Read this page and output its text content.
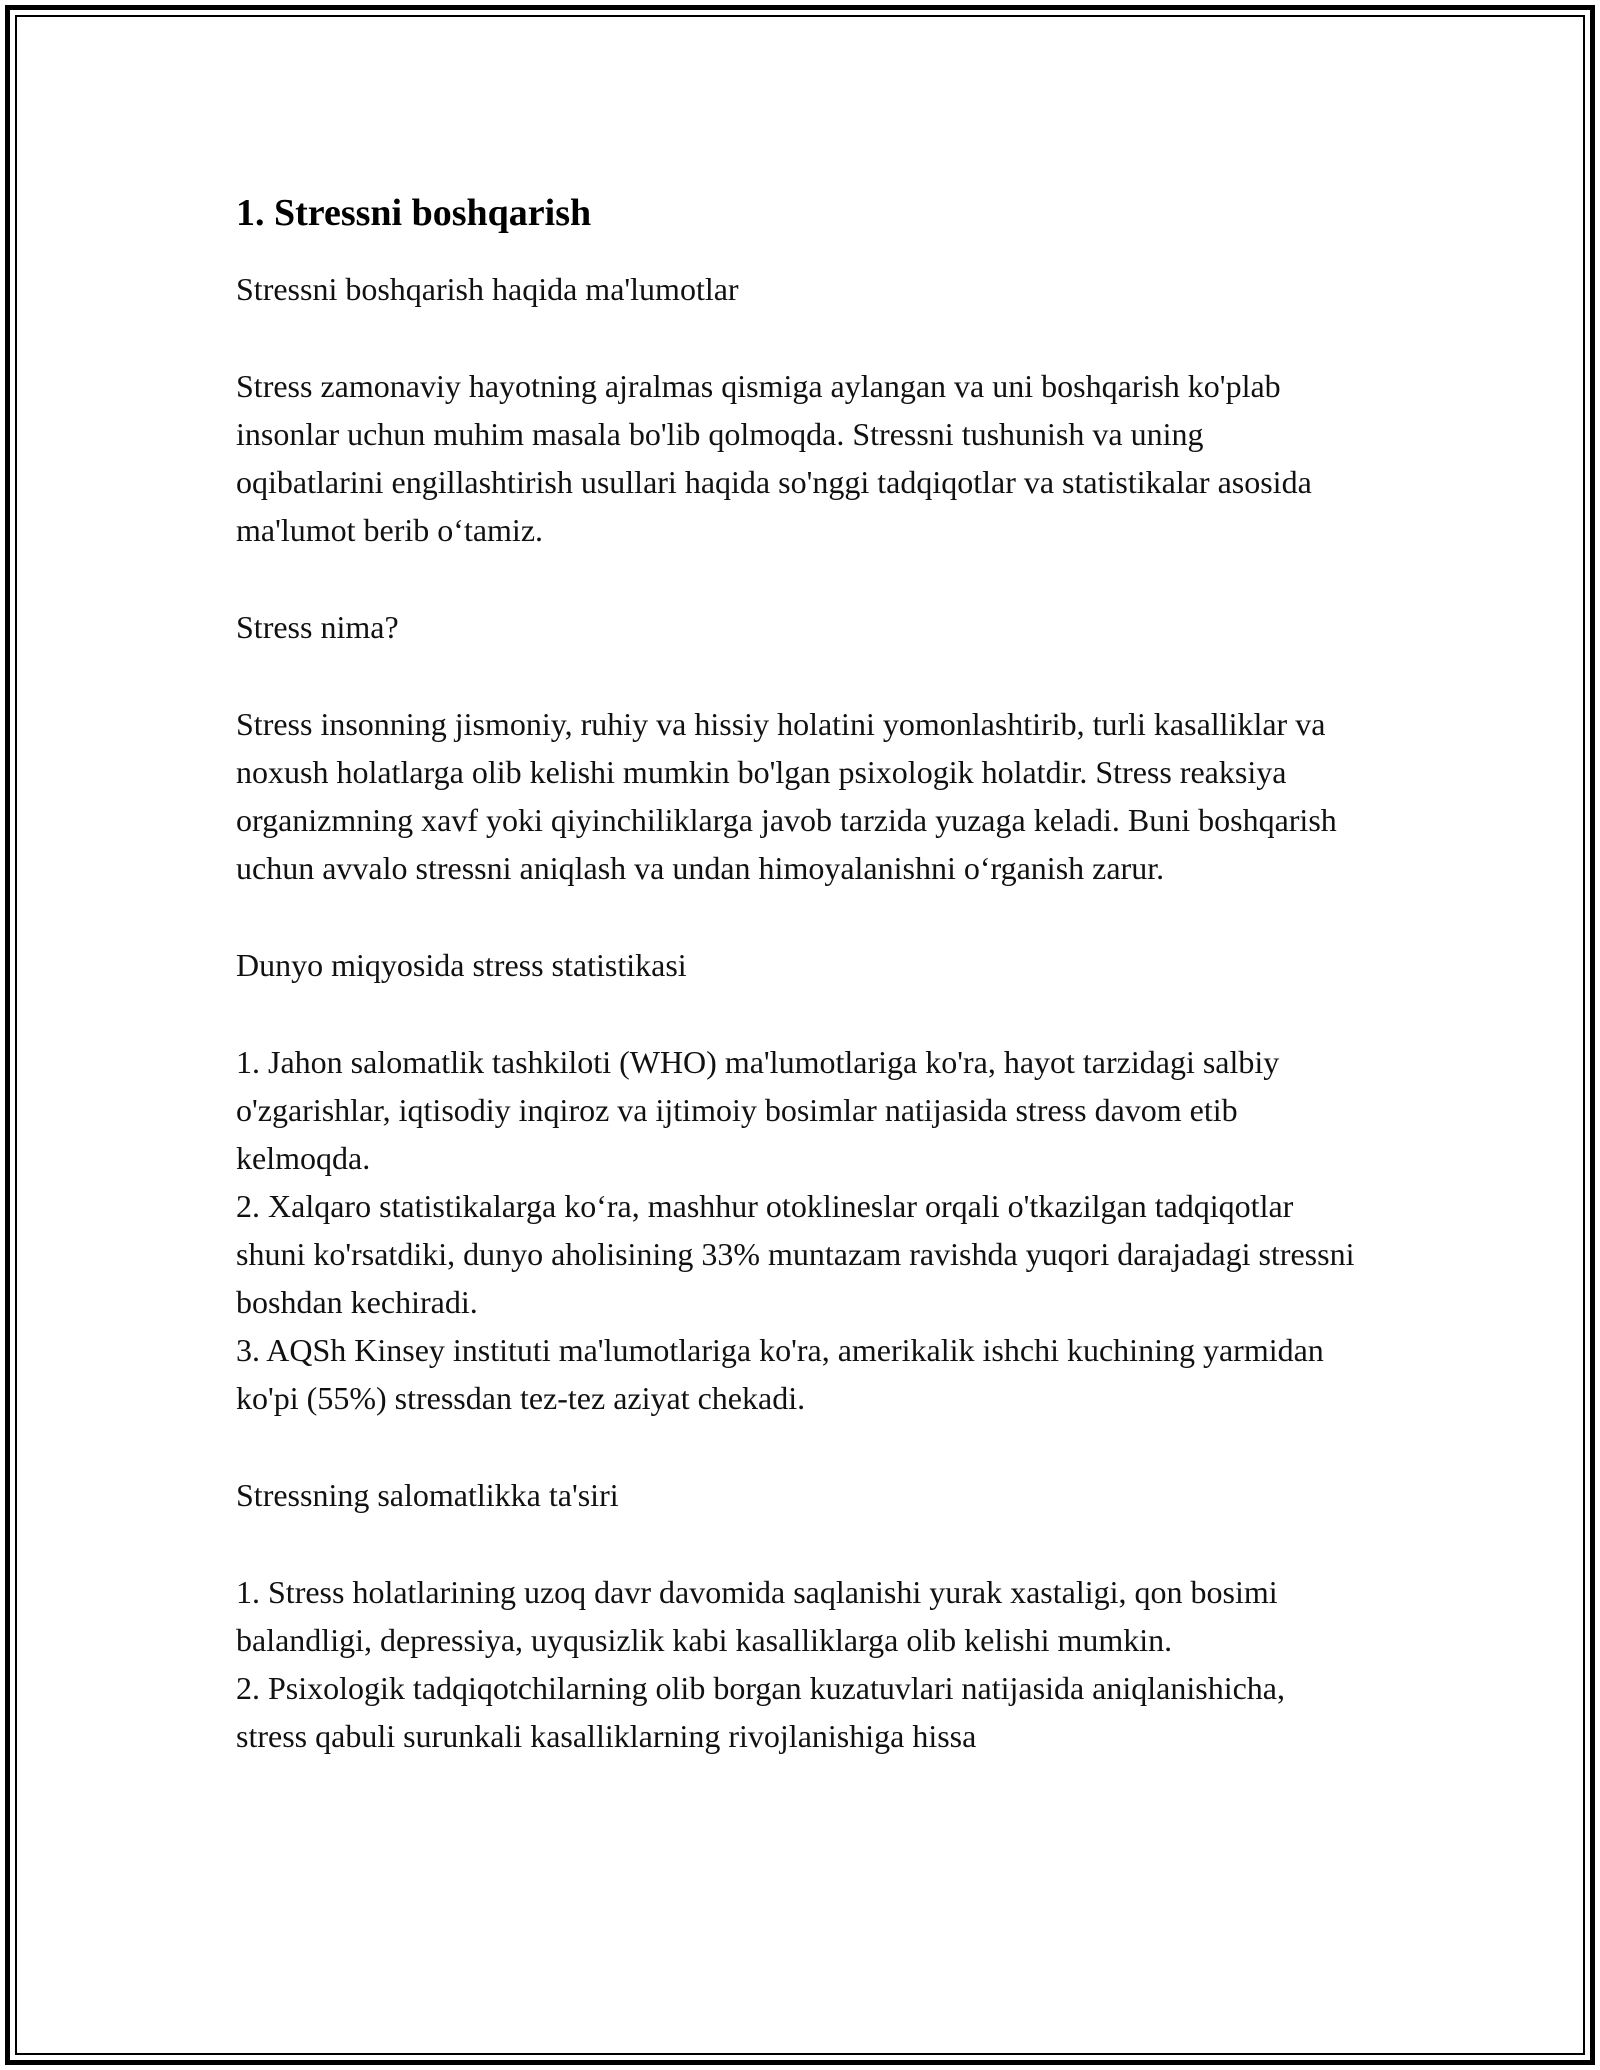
1. Stressni boshqarish

Stressni boshqarish haqida ma'lumotlar

Stress zamonaviy hayotning ajralmas qismiga aylangan va uni boshqarish ko'plab insonlar uchun muhim masala bo'lib qolmoqda. Stressni tushunish va uning oqibatlarini engillashtirish usullari haqida so'nggi tadqiqotlar va statistikalar asosida ma'lumot berib o‘tamiz.

Stress nima?

Stress insonning jismoniy, ruhiy va hissiy holatini yomonlashtirib, turli kasalliklar va noxush holatlarga olib kelishi mumkin bo'lgan psixologik holatdir. Stress reaksiya organizmning xavf yoki qiyinchiliklarga javob tarzida yuzaga keladi. Buni boshqarish uchun avvalo stressni aniqlash va undan himoyalanishni o‘rganish zarur.

Dunyo miqyosida stress statistikasi

1. Jahon salomatlik tashkiloti (WHO) ma'lumotlariga ko'ra, hayot tarzidagi salbiy o'zgarishlar, iqtisodiy inqiroz va ijtimoiy bosimlar natijasida stress davom etib kelmoqda.

2. Xalqaro statistikalarga ko‘ra, mashhur otoklineslar orqali o'tkazilgan tadqiqotlar shuni ko'rsatdiki, dunyo aholisining 33% muntazam ravishda yuqori darajadagi stressni boshdan kechiradi.

3. AQSh Kinsey instituti ma'lumotlariga ko'ra, amerikalik ishchi kuchining yarmidan ko'pi (55%) stressdan tez-tez aziyat chekadi.

Stressning salomatlikka ta'siri

1. Stress holatlarining uzoq davr davomida saqlanishi yurak xastaligi, qon bosimi balandligi, depressiya, uyqusizlik kabi kasalliklarga olib kelishi mumkin.

2. Psixologik tadqiqotchilarning olib borgan kuzatuvlari natijasida aniqlanishicha, stress qabuli surunkali kasalliklarning rivojlanishiga hissa
